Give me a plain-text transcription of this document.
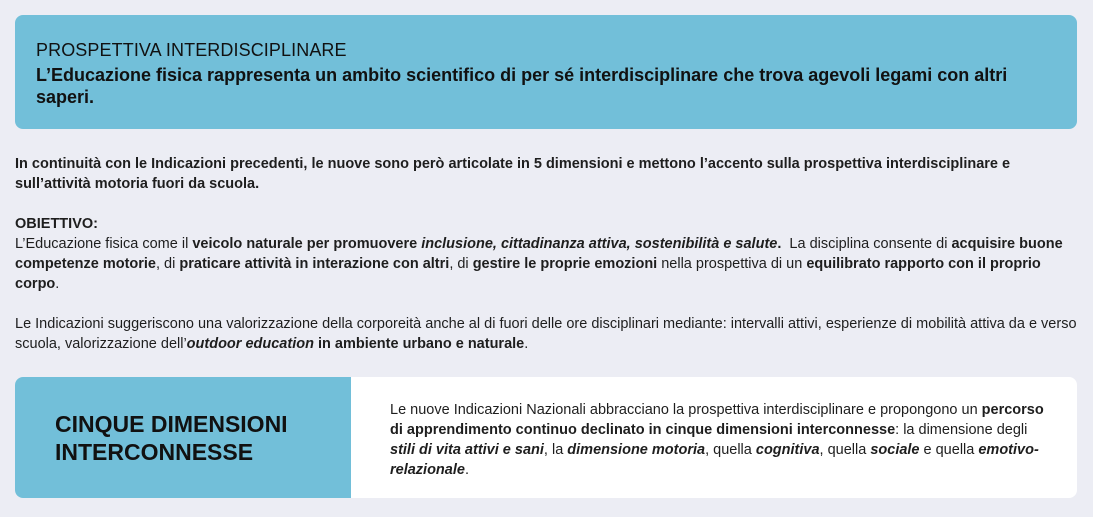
PROSPETTIVA INTERDISCIPLINARE
L’Educazione fisica rappresenta un ambito scientifico di per sé interdisciplinare che trova agevoli legami con altri saperi.

In continuità con le Indicazioni precedenti, le nuove sono però articolate in 5 dimensioni e mettono l’accento sulla prospettiva interdisciplinare e sull’attività motoria fuori da scuola.

OBIETTIVO:

L’Educazione fisica come il veicolo naturale per promuovere inclusione, cittadinanza attiva, sostenibilità e salute.  La disciplina consente di acquisire buone competenze motorie, di praticare attività in interazione con altri, di gestire le proprie emozioni nella prospettiva di un equilibrato rapporto con il proprio corpo.

Le Indicazioni suggeriscono una valorizzazione della corporeità anche al di fuori delle ore disciplinari mediante: intervalli attivi, esperienze di mobilità attiva da e verso scuola, valorizzazione dell’outdoor education in ambiente urbano e naturale.

CINQUE DIMENSIONI INTERCONNESSE
Le nuove Indicazioni Nazionali abbracciano la prospettiva interdisciplinare e propongono un percorso di apprendimento continuo declinato in cinque dimensioni interconnesse: la dimensione degli stili di vita attivi e sani, la dimensione motoria, quella cognitiva, quella sociale e quella emotivo-relazionale.
